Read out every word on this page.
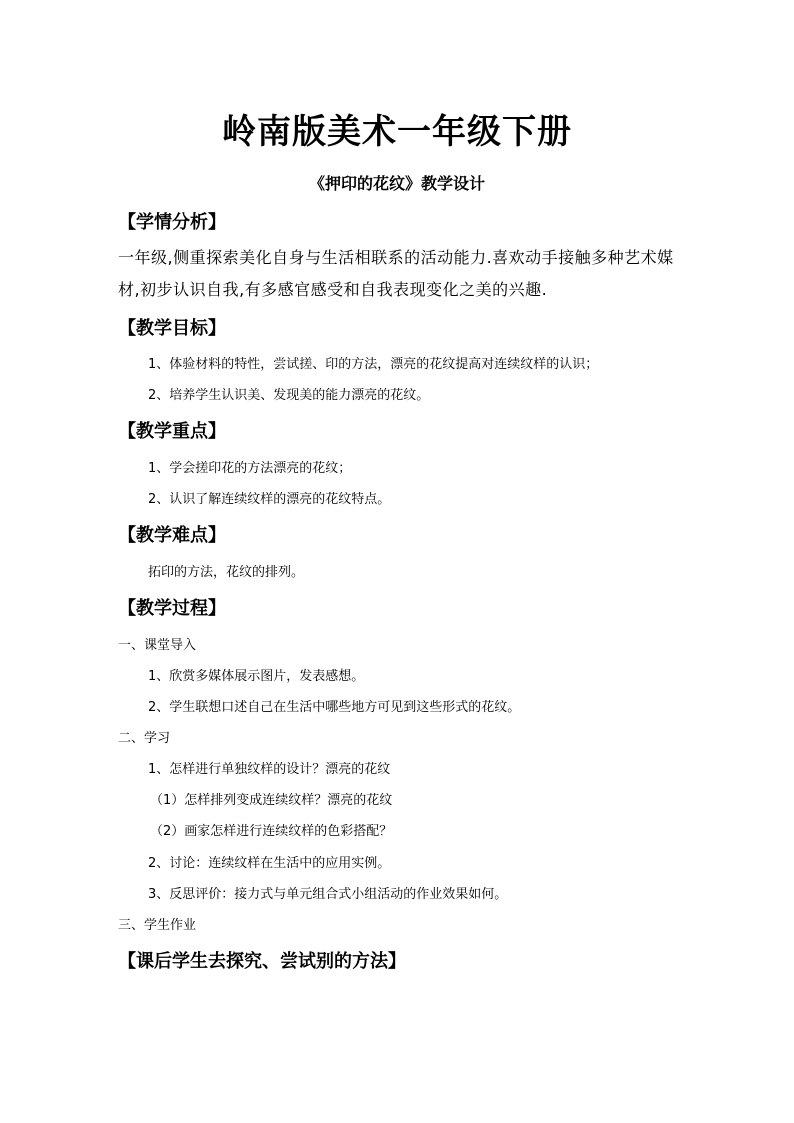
岭南版美术一年级下册
《押印的花纹》教学设计
【学情分析】
一年级,侧重探索美化自身与生活相联系的活动能力.喜欢动手接触多种艺术媒
材,初步认识自我,有多感官感受和自我表现变化之美的兴趣.
【教学目标】
1、体验材料的特性，尝试搓、印的方法，漂亮的花纹提高对连续纹样的认识；
2、培养学生认识美、发现美的能力漂亮的花纹。
【教学重点】
1、学会搓印花的方法漂亮的花纹；
2、认识了解连续纹样的漂亮的花纹特点。
【教学难点】
拓印的方法，花纹的排列。
【教学过程】
一、课堂导入
1、欣赏多媒体展示图片，发表感想。
2、学生联想口述自己在生活中哪些地方可见到这些形式的花纹。
二、学习
1、怎样进行单独纹样的设计？漂亮的花纹
（1）怎样排列变成连续纹样？漂亮的花纹
（2）画家怎样进行连续纹样的色彩搭配？
2、讨论：连续纹样在生活中的应用实例。
3、反思评价：接力式与单元组合式小组活动的作业效果如何。
三、学生作业
【课后学生去探究、尝试别的方法】
